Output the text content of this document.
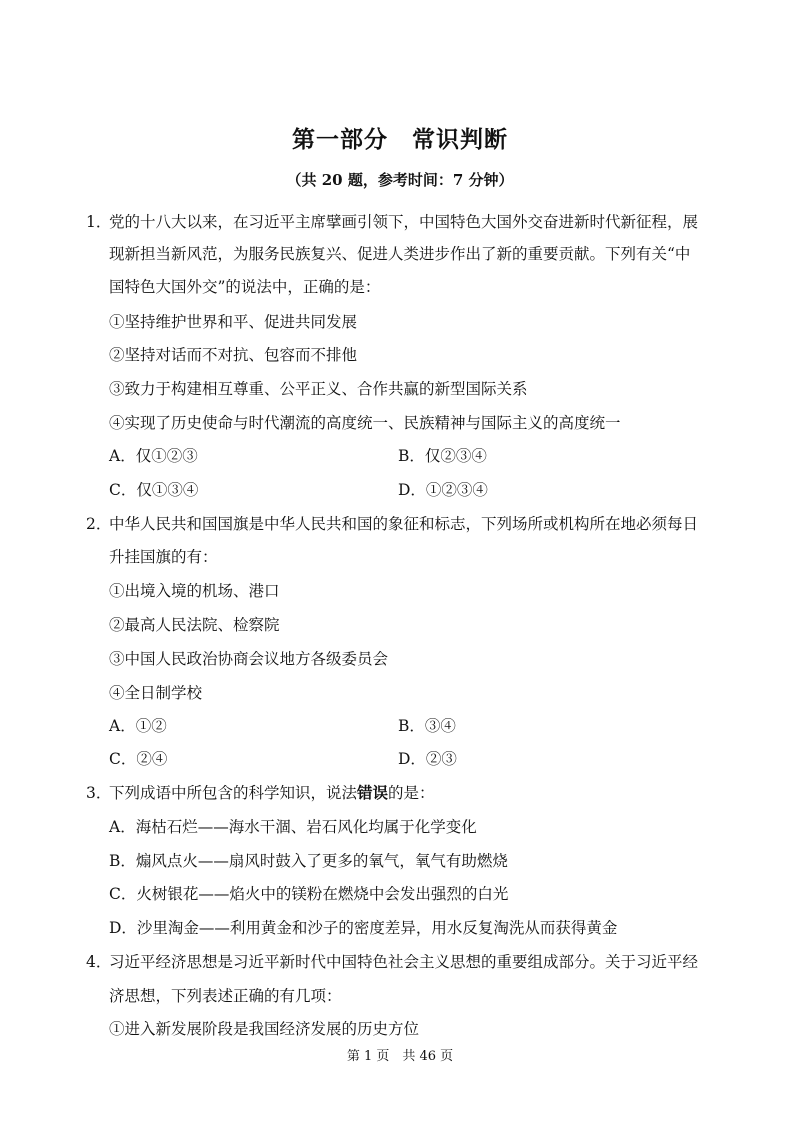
第一部分　常识判断
（共 20 题，参考时间：7 分钟）
1．
党的十八大以来，在习近平主席擘画引领下，中国特色大国外交奋进新时代新征程，展
现新担当新风范，为服务民族复兴、促进人类进步作出了新的重要贡献。下列有关“中
国特色大国外交”的说法中，正确的是：
①坚持维护世界和平、促进共同发展
②坚持对话而不对抗、包容而不排他
③致力于构建相互尊重、公平正义、合作共赢的新型国际关系
④实现了历史使命与时代潮流的高度统一、民族精神与国际主义的高度统一
A．仅①②③	B．仅②③④
C．仅①③④	D．①②③④
2．
中华人民共和国国旗是中华人民共和国的象征和标志，下列场所或机构所在地必须每日
升挂国旗的有：
①出境入境的机场、港口
②最高人民法院、检察院
③中国人民政治协商会议地方各级委员会
④全日制学校
A．①②	B．③④
C．②④	D．②③
3．
下列成语中所包含的科学知识，说法错误的是：
A．海枯石烂——海水干涸、岩石风化均属于化学变化
B．煽风点火——扇风时鼓入了更多的氧气，氧气有助燃烧
C．火树银花——焰火中的镁粉在燃烧中会发出强烈的白光
D．沙里淘金——利用黄金和沙子的密度差异，用水反复淘洗从而获得黄金
4．
习近平经济思想是习近平新时代中国特色社会主义思想的重要组成部分。关于习近平经
济思想，下列表述正确的有几项：
①进入新发展阶段是我国经济发展的历史方位
第 1 页　共 46 页
